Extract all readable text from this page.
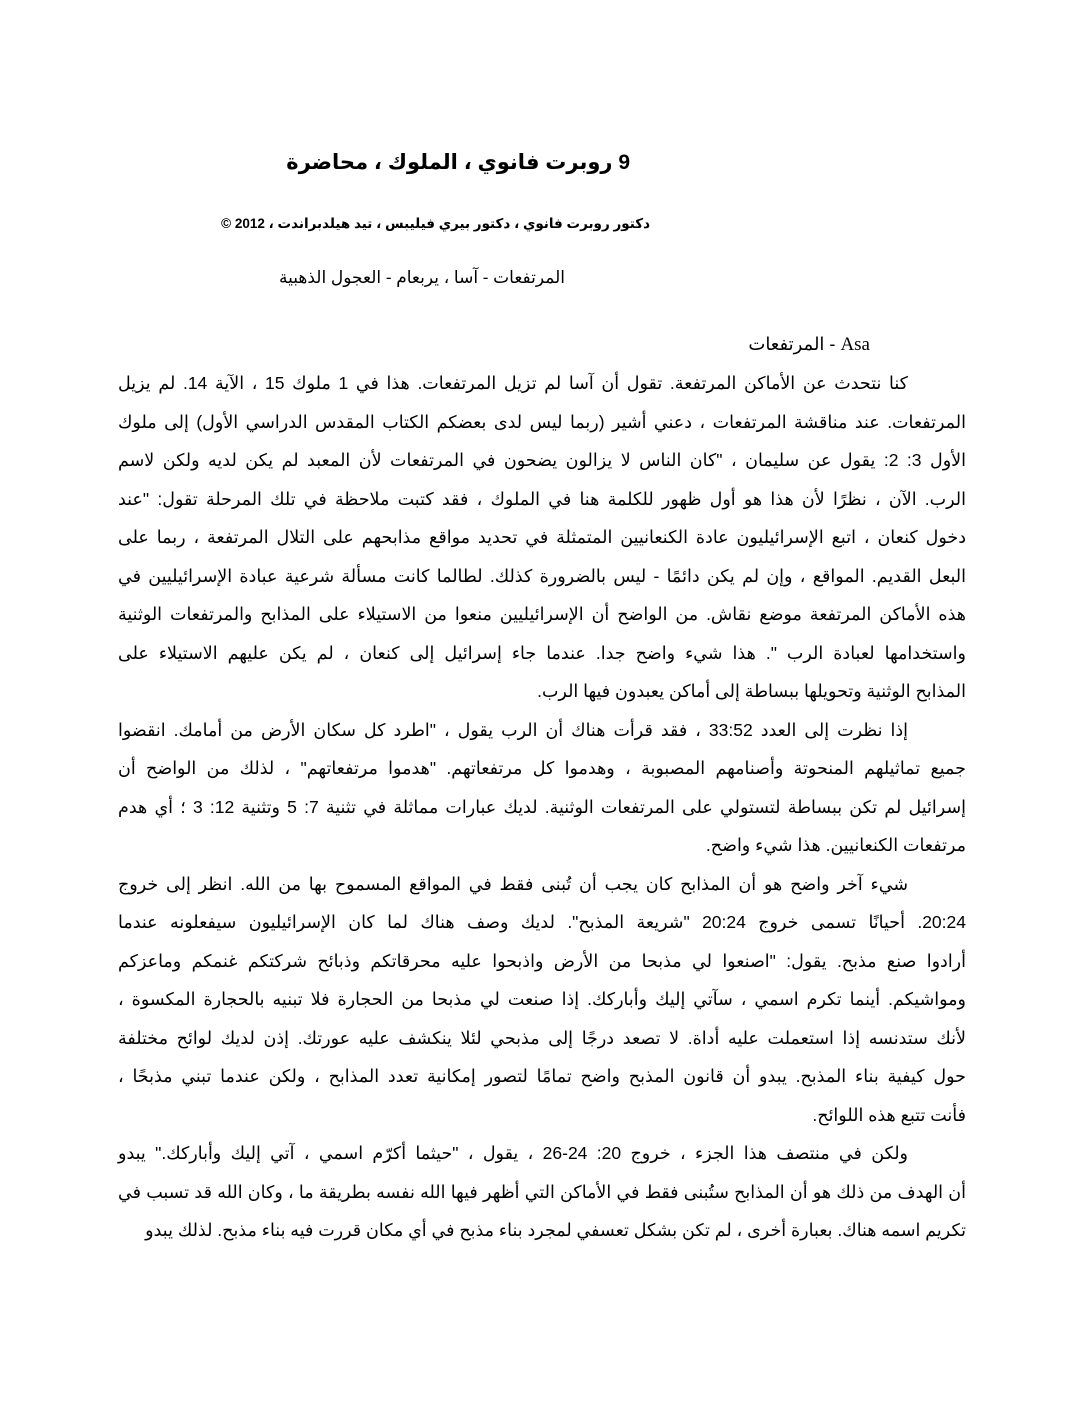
9 روبرت فانوي ، الملوك ، محاضرة
دكتور روبرت فانوي ، دكتور بيري فيليبس ، تيد هيلدبراندت ، 2012 ©
المرتفعات - آسا ، يربعام - العجول الذهبية
Asa - المرتفعات
كنا نتحدث عن الأماكن المرتفعة. تقول أن آسا لم تزيل المرتفعات. هذا في 1 ملوك 15 ، الآية 14. لم يزيل
المرتفعات. عند مناقشة المرتفعات ، دعني أشير (ربما ليس لدى بعضكم الكتاب المقدس الدراسي الأول) إلى ملوك
الأول 3: 2: يقول عن سليمان ، "كان الناس لا يزالون يضحون في المرتفعات لأن المعبد لم يكن لديه ولكن لاسم
الرب. الآن ، نظرًا لأن هذا هو أول ظهور للكلمة هنا في الملوك ، فقد كتبت ملاحظة في تلك المرحلة تقول: "عند
دخول كنعان ، اتبع الإسرائيليون عادة الكنعانيين المتمثلة في تحديد مواقع مذابحهم على التلال المرتفعة ، ربما على
البعل القديم. المواقع ، وإن لم يكن دائمًا - ليس بالضرورة كذلك. لطالما كانت مسألة شرعية عبادة الإسرائيليين في
هذه الأماكن المرتفعة موضع نقاش. من الواضح أن الإسرائيليين منعوا من الاستيلاء على المذابح والمرتفعات الوثنية
واستخدامها لعبادة الرب ". هذا شيء واضح جدا. عندما جاء إسرائيل إلى كنعان ، لم يكن عليهم الاستيلاء على
المذابح الوثنية وتحويلها ببساطة إلى أماكن يعبدون فيها الرب.
إذا نظرت إلى العدد 33:52 ، فقد قرأت هناك أن الرب يقول ، "اطرد كل سكان الأرض من أمامك. انقضوا
جميع تماثيلهم المنحوتة وأصنامهم المصبوبة ، وهدموا كل مرتفعاتهم. "هدموا مرتفعاتهم" ، لذلك من الواضح أن
إسرائيل لم تكن ببساطة لتستولي على المرتفعات الوثنية. لديك عبارات مماثلة في تثنية 7: 5 وتثنية 12: 3 ؛ أي هدم
مرتفعات الكنعانيين. هذا شيء واضح.
شيء آخر واضح هو أن المذابح كان يجب أن تُبنى فقط في المواقع المسموح بها من الله. انظر إلى خروج
20:24. أحيانًا تسمى خروج 20:24 "شريعة المذبح". لديك وصف هناك لما كان الإسرائيليون سيفعلونه عندما
أرادوا صنع مذبح. يقول: "اصنعوا لي مذبحا من الأرض واذبحوا عليه محرقاتكم وذبائح شركتكم غنمكم وماعزكم
ومواشيكم. أينما تكرم اسمي ، سآتي إليك وأباركك. إذا صنعت لي مذبحا من الحجارة فلا تبنيه بالحجارة المكسوة ،
لأنك ستدنسه إذا استعملت عليه أداة. لا تصعد درجًا إلى مذبحي لئلا ينكشف عليه عورتك. إذن لديك لوائح مختلفة
حول كيفية بناء المذبح. يبدو أن قانون المذبح واضح تمامًا لتصور إمكانية تعدد المذابح ، ولكن عندما تبني مذبحًا ،
فأنت تتبع هذه اللوائح.
ولكن في منتصف هذا الجزء ، خروج 20: 24-26 ، يقول ، "حيثما أكرّم اسمي ، آتي إليك وأباركك." يبدو
أن الهدف من ذلك هو أن المذابح ستُبنى فقط في الأماكن التي أظهر فيها الله نفسه بطريقة ما ، وكان الله قد تسبب في
تكريم اسمه هناك. بعبارة أخرى ، لم تكن بشكل تعسفي لمجرد بناء مذبح في أي مكان قررت فيه بناء مذبح. لذلك يبدو
